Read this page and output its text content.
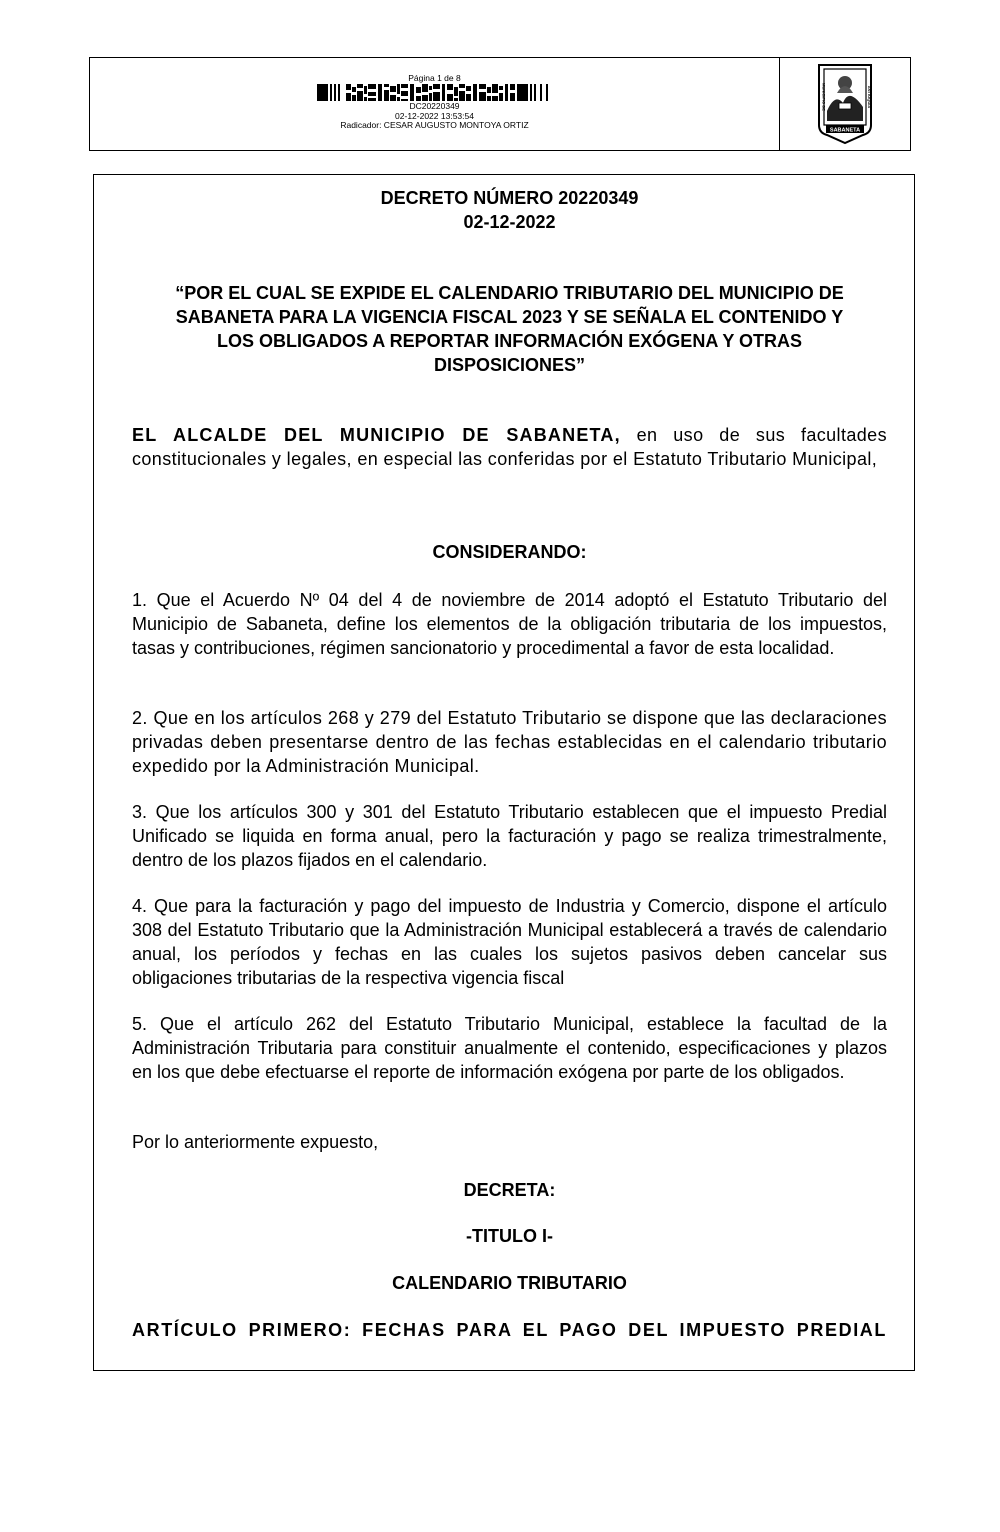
Página 1 de 8
DC20220349
02-12-2022 13:53:54
Radicador: CESAR AUGUSTO MONTOYA ORTIZ
MUNICIPIO DE	ANTIOQUIA
SABANETA
DECRETO NÚMERO 20220349
02-12-2022
“POR EL CUAL SE EXPIDE EL CALENDARIO TRIBUTARIO DEL MUNICIPIO DE
SABANETA PARA LA VIGENCIA FISCAL 2023 Y SE SEÑALA EL CONTENIDO Y
LOS OBLIGADOS A REPORTAR INFORMACIÓN EXÓGENA Y OTRAS
DISPOSICIONES”

EL ALCALDE DEL MUNICIPIO DE SABANETA, en uso de sus facultades constitucionales y legales, en especial las conferidas por el Estatuto Tributario Municipal,

CONSIDERANDO:

1. Que el Acuerdo Nº 04 del 4 de noviembre de 2014 adoptó el Estatuto Tributario del Municipio de Sabaneta, define los elementos de la obligación tributaria de los impuestos, tasas y contribuciones, régimen sancionatorio y procedimental a favor de esta localidad.

2. Que en los artículos 268 y 279 del Estatuto Tributario se dispone que las declaraciones privadas deben presentarse dentro de las fechas establecidas en el calendario tributario expedido por la Administración Municipal.

3. Que los artículos 300 y 301 del Estatuto Tributario establecen que el impuesto Predial Unificado se liquida en forma anual, pero la facturación y pago se realiza trimestralmente, dentro de los plazos fijados en el calendario.

4. Que para la facturación y pago del impuesto de Industria y Comercio, dispone el artículo 308 del Estatuto Tributario que la Administración Municipal establecerá a través de calendario anual, los períodos y fechas en las cuales los sujetos pasivos deben cancelar sus obligaciones tributarias de la respectiva vigencia fiscal

5. Que el artículo 262 del Estatuto Tributario Municipal, establece la facultad de la Administración Tributaria para constituir anualmente el contenido, especificaciones y plazos en los que debe efectuarse el reporte de información exógena por parte de los obligados.

Por lo anteriormente expuesto,

DECRETA:
-TITULO I-
CALENDARIO TRIBUTARIO
ARTÍCULO PRIMERO: FECHAS PARA EL PAGO DEL IMPUESTO PREDIAL
